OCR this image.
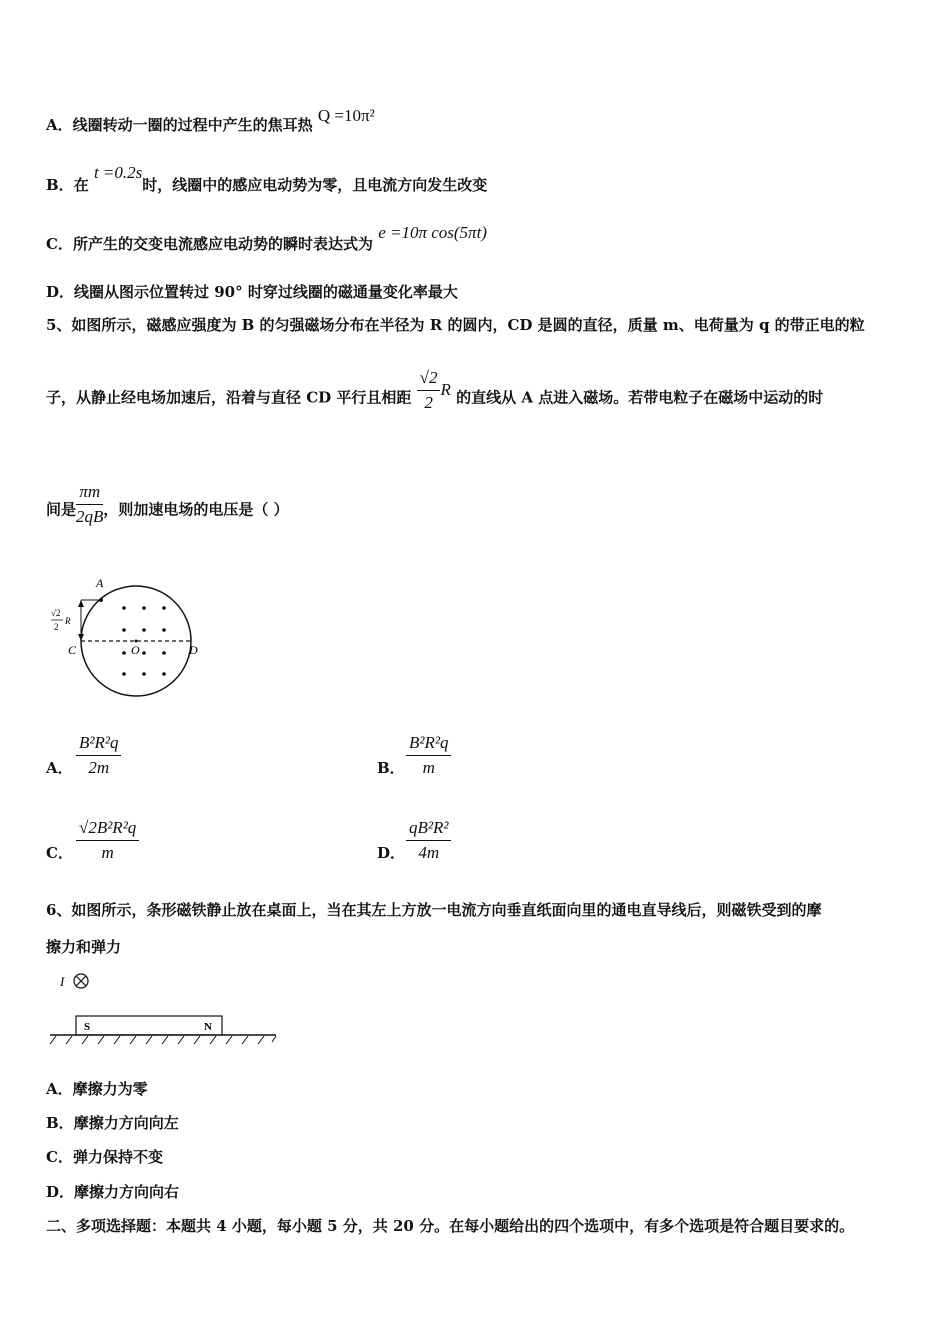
A．线圈转动一圈的过程中产生的焦耳热 Q =10π²
B．在 t =0.2s时，线圈中的感应电动势为零，且电流方向发生改变
C．所产生的交变电流感应电动势的瞬时表达式为 e =10π cos(5πt)
D．线圈从图示位置转过 90° 时穿过线圈的磁通量变化率最大
5、如图所示，磁感应强度为 B 的匀强磁场分布在半径为 R 的圆内，CD 是圆的直径，质量 m、电荷量为 q 的带正电的粒
子，从静止经电场加速后，沿着与直径 CD 平行且相距 $\frac{√2}{2}$ R 的直线从 A 点进入磁场。若带电粒子在磁场中运动的时
间是 $\frac{\pi m}{2qB}$ ，则加速电场的电压是（ ）
A
C	O	D
√2
2
R
A． $\frac{\text{B²R²q}}{2m}$	B． $\frac{\text{B²R²q}}{m}$
C． $\frac{\text{√2B²R²q}}{m}$	D． $\frac{\text{qB²R²}}{4m}$
6、如图所示，条形磁铁静止放在桌面上，当在其左上方放一电流方向垂直纸面向里的通电直导线后，则磁铁受到的摩
擦力和弹力
I
S	N
A．摩擦力为零
B．摩擦力方向向左
C．弹力保持不变
D．摩擦力方向向右
二、多项选择题：本题共 4 小题，每小题 5 分，共 20 分。在每小题给出的四个选项中，有多个选项是符合题目要求的。
